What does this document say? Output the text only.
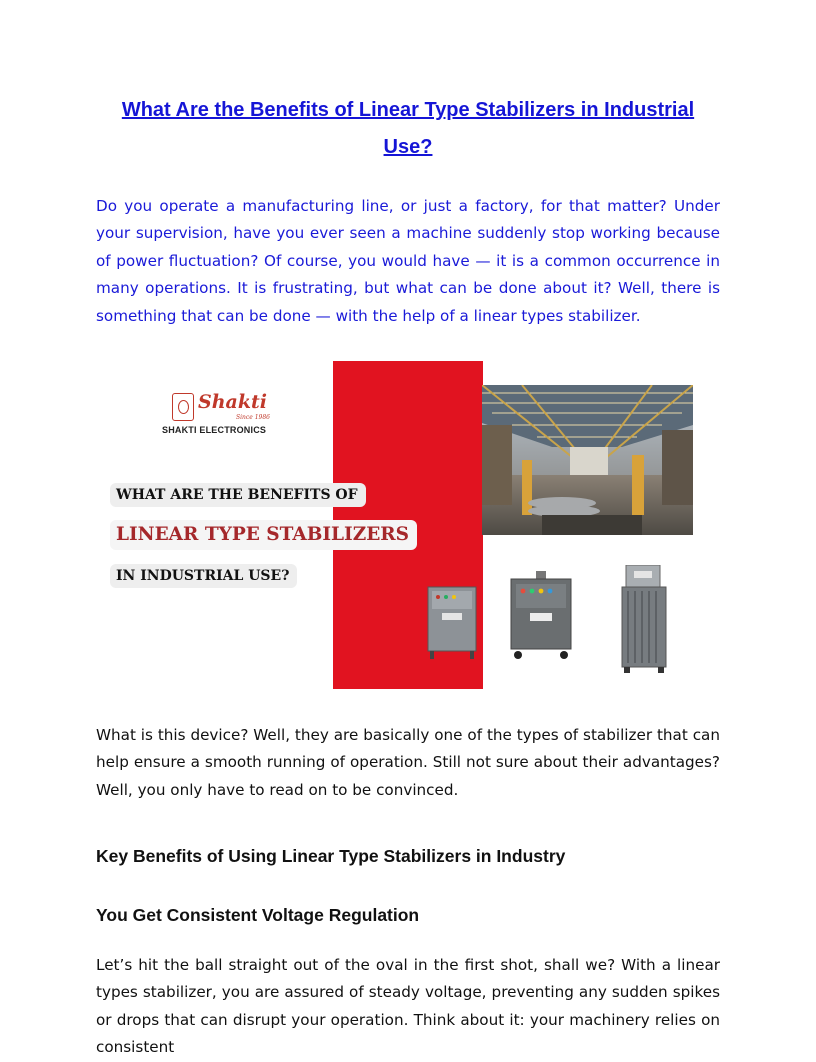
What Are the Benefits of Linear Type Stabilizers in Industrial Use?

Do you operate a manufacturing line, or just a factory, for that matter? Under your supervision, have you ever seen a machine suddenly stop working because of power fluctuation? Of course, you would have — it is a common occurrence in many operations. It is frustrating, but what can be done about it? Well, there is something that can be done — with the help of a linear types stabilizer.

Shakti
Since 1986
SHAKTI ELECTRONICS
WHAT ARE THE BENEFITS OF
LINEAR TYPE STABILIZERS
IN INDUSTRIAL USE?

What is this device? Well, they are basically one of the types of stabilizer that can help ensure a smooth running of operation. Still not sure about their advantages? Well, you only have to read on to be convinced.

Key Benefits of Using Linear Type Stabilizers in Industry
You Get Consistent Voltage Regulation

Let’s hit the ball straight out of the oval in the first shot, shall we? With a linear types stabilizer, you are assured of steady voltage, preventing any sudden spikes or drops that can disrupt your operation. Think about it: your machinery relies on consistent
